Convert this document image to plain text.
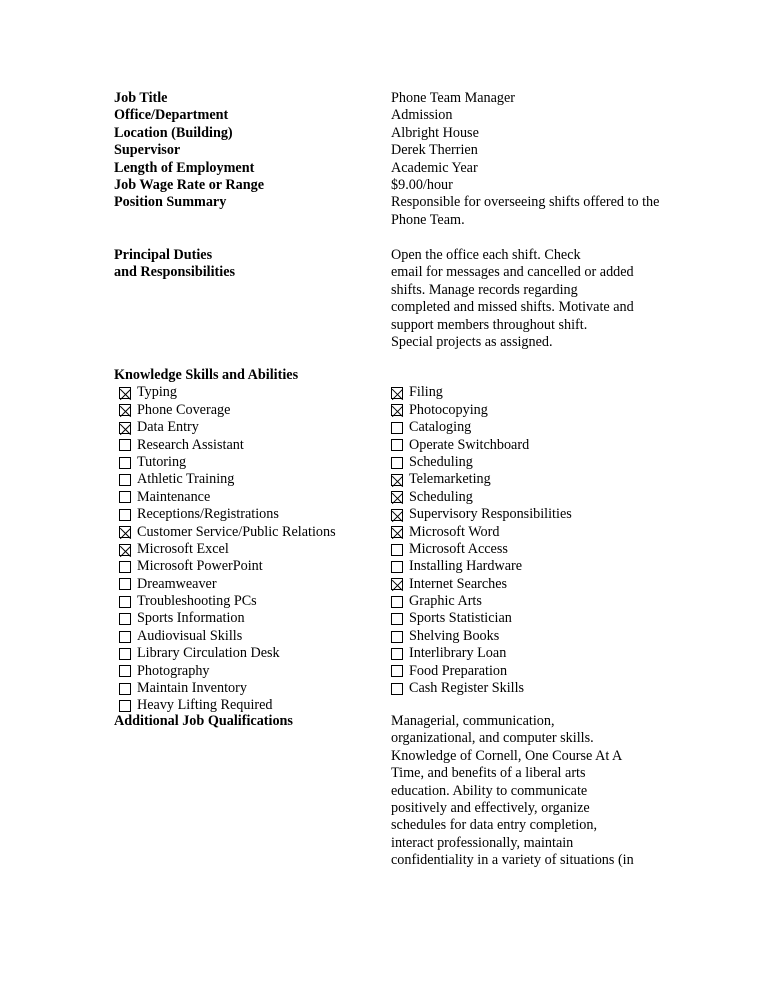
Job Title
Office/Department
Location (Building)
Supervisor
Length of Employment
Job Wage Rate or Range
Position Summary
Phone Team Manager
Admission
Albright House
Derek Therrien
Academic Year
$9.00/hour
Responsible for overseeing shifts offered to the Phone Team.
Principal Duties
and Responsibilities
Open the office each shift. Check
email for messages and cancelled or added
shifts. Manage records regarding
completed and missed shifts. Motivate and
support members throughout shift.
Special projects as assigned.
Knowledge Skills and Abilities
Typing
Phone Coverage
Data Entry
Research Assistant
Tutoring
Athletic Training
Maintenance
Receptions/Registrations
Customer Service/Public Relations
Microsoft Excel
Microsoft PowerPoint
Dreamweaver
Troubleshooting PCs
Sports Information
Audiovisual Skills
Library Circulation Desk
Photography
Maintain Inventory
Heavy Lifting Required
Filing
Photocopying
Cataloging
Operate Switchboard
Scheduling
Telemarketing
Scheduling
Supervisory Responsibilities
Microsoft Word
Microsoft Access
Installing Hardware
Internet Searches
Graphic Arts
Sports Statistician
Shelving Books
Interlibrary Loan
Food Preparation
Cash Register Skills
Additional Job Qualifications	Managerial, communication,
organizational, and computer skills.
Knowledge of Cornell, One Course At A
Time, and benefits of a liberal arts
education. Ability to communicate
positively and effectively, organize
schedules for data entry completion,
interact professionally, maintain
confidentiality in a variety of situations (in
